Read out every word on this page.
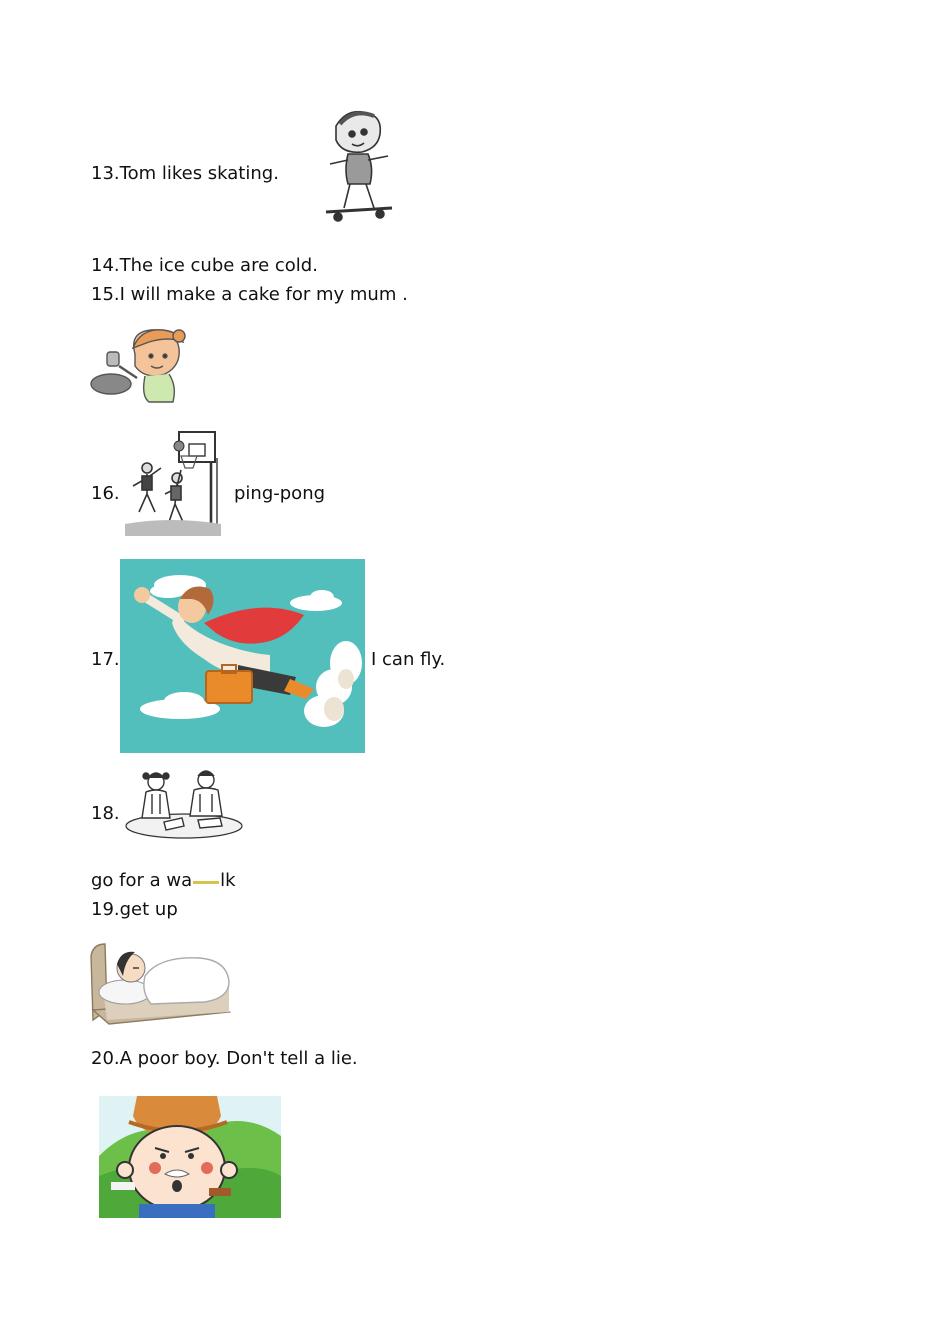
13.Tom likes skating.
14.The ice cube are cold.
15.I will make a cake for my mum .
16.	ping-pong
17.	I can fly.
18.
go for a wa lk
19.get up
20.A poor boy. Don't tell a lie.
